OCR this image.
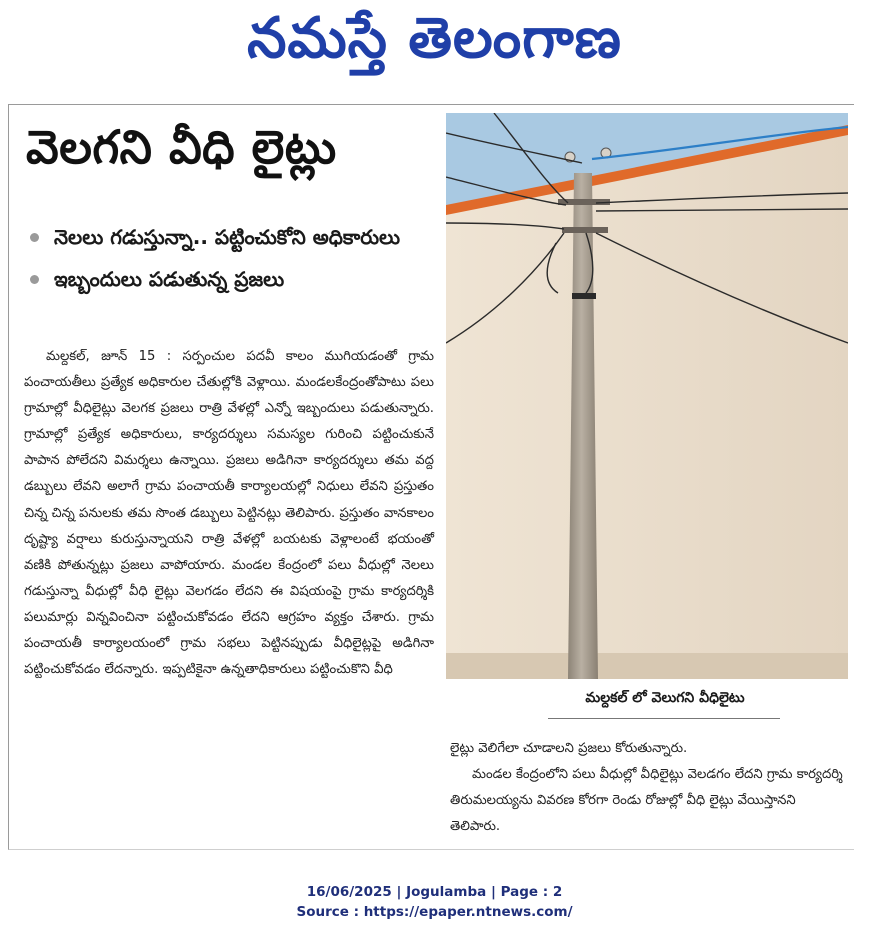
నమస్తే తెలంగాణ
వెలగని వీధి లైట్లు
నెలలు గడుస్తున్నా.. పట్టించుకోని అధికారులు
ఇబ్బందులు పడుతున్న ప్రజలు

మల్దకల్, జూన్ 15 : సర్పంచుల పదవీ కాలం ముగియడంతో గ్రామ పంచాయతీలు ప్రత్యేక అధికారుల చేతుల్లోకి వెళ్లాయి. మండలకేంద్రంతోపాటు పలు గ్రామాల్లో వీధిలైట్లు వెలగక ప్రజలు రాత్రి వేళల్లో ఎన్నో ఇబ్బందులు పడుతున్నారు. గ్రామాల్లో ప్రత్యేక అధికారులు, కార్యదర్శులు సమస్యల గురించి పట్టించుకునే పాపాన పోలేదని విమర్శలు ఉన్నాయి. ప్రజలు అడిగినా కార్యదర్శులు తమ వద్ద డబ్బులు లేవని అలాగే గ్రామ పంచాయతీ కార్యాలయల్లో నిధులు లేవని ప్రస్తుతం చిన్న చిన్న పనులకు తమ సొంత డబ్బులు పెట్టినట్లు తెలిపారు. ప్రస్తుతం వానకాలం దృష్ట్యా వర్షాలు కురుస్తున్నాయని రాత్రి వేళల్లో బయటకు వెళ్లాలంటే భయంతో వణికి పోతున్నట్లు ప్రజలు వాపోయారు. మండల కేంద్రంలో పలు వీధుల్లో నెలలు గడుస్తున్నా వీధుల్లో వీధి లైట్లు వెలగడం లేదని ఈ విషయంపై గ్రామ కార్యదర్శికి పలుమార్లు విన్నవించినా పట్టించుకోవడం లేదని ఆగ్రహం వ్యక్తం చేశారు. గ్రామ పంచాయతీ కార్యాలయంలో గ్రామ సభలు పెట్టినప్పుడు వీధిలైట్లపై అడిగినా పట్టించుకోవడం లేదన్నారు. ఇప్పటికైనా ఉన్నతాధికారులు పట్టించుకొని వీధి

మల్దకల్ లో వెలుగని వీధిలైటు

లైట్లు వెలిగేలా చూడాలని ప్రజలు కోరుతున్నారు.

మండల కేంద్రంలోని పలు వీధుల్లో వీధిలైట్లు వెలడగం లేదని గ్రామ కార్యదర్శి తిరుమలయ్యను వివరణ కోరగా రెండు రోజుల్లో వీధి లైట్లు వేయిస్తానని తెలిపారు.

16/06/2025 | Jogulamba | Page : 2
Source : https://epaper.ntnews.com/
